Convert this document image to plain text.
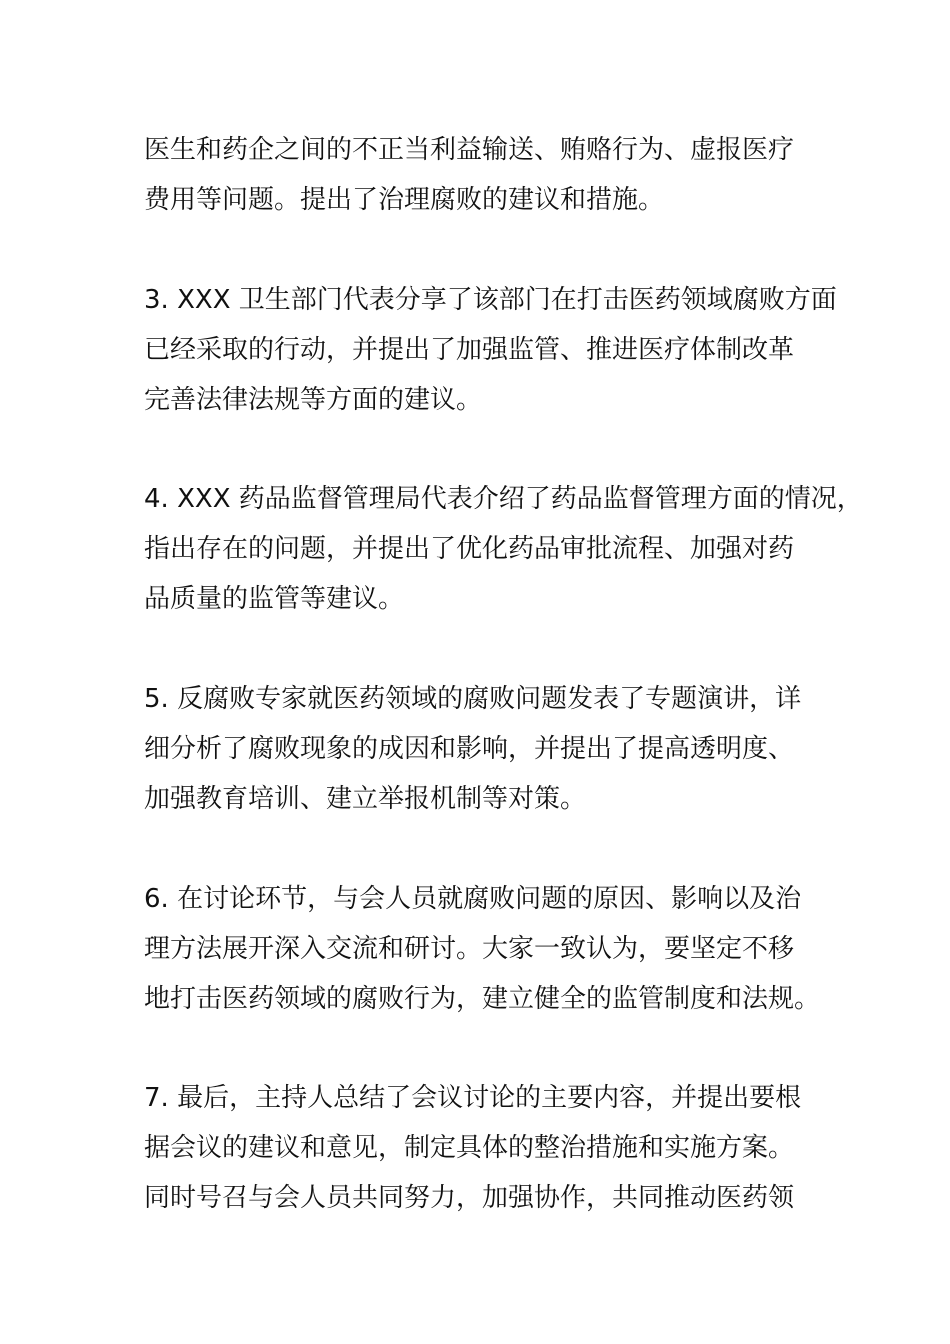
医生和药企之间的不正当利益输送、贿赂行为、虚报医疗
费用等问题。提出了治理腐败的建议和措施。
3. XXX 卫生部门代表分享了该部门在打击医药领域腐败方面
已经采取的行动，并提出了加强监管、推进医疗体制改革
完善法律法规等方面的建议。
4. XXX 药品监督管理局代表介绍了药品监督管理方面的情况，
指出存在的问题，并提出了优化药品审批流程、加强对药
品质量的监管等建议。
5. 反腐败专家就医药领域的腐败问题发表了专题演讲，详
细分析了腐败现象的成因和影响，并提出了提高透明度、
加强教育培训、建立举报机制等对策。
6. 在讨论环节，与会人员就腐败问题的原因、影响以及治
理方法展开深入交流和研讨。大家一致认为，要坚定不移
地打击医药领域的腐败行为，建立健全的监管制度和法规。
7. 最后，主持人总结了会议讨论的主要内容，并提出要根
据会议的建议和意见，制定具体的整治措施和实施方案。
同时号召与会人员共同努力，加强协作，共同推动医药领
